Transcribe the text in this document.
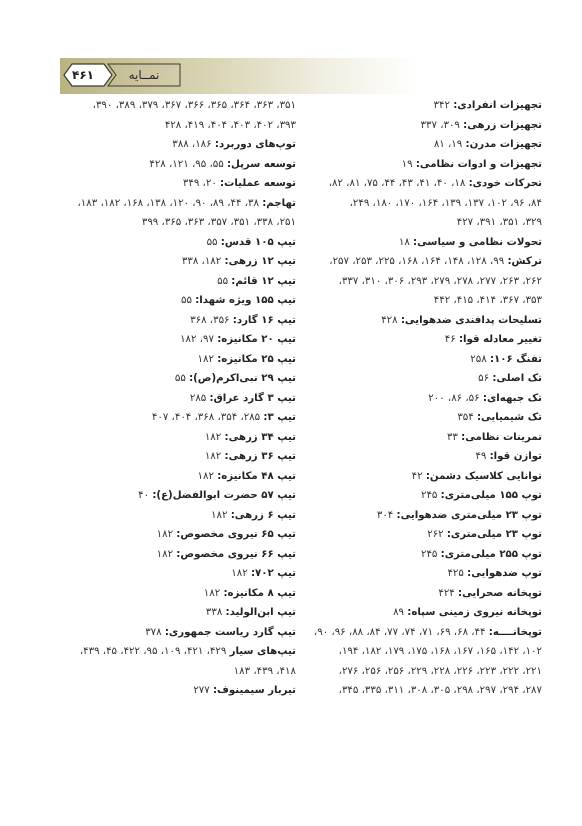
۴۶۱	نمــایه
تجهیزات انفرادی: ۳۴۲
تجهیزات زرهی: ۳۰۹، ۳۳۷
تجهیزات مدرن: ۱۹، ۸۱
تجهیزات و ادوات نظامی: ۱۹
تحرکات خودی: ۱۸، ۴۰، ۴۱، ۴۳، ۴۴، ۷۵، ۸۱، ۸۲،
۸۴، ۹۶، ۱۰۲، ۱۳۷، ۱۳۹، ۱۶۴، ۱۷۰، ۱۸۰، ۲۴۹،
۳۲۹، ۳۵۱، ۳۹۱، ۴۲۷
تحولات نظامی و سیاسی: ۱۸
ترکش: ۹۹، ۱۲۸، ۱۴۸، ۱۶۴، ۱۶۸، ۲۲۵، ۲۵۳، ۲۵۷،
۲۶۲، ۲۶۳، ۲۷۷، ۲۷۸، ۲۷۹، ۲۹۳، ۳۰۶، ۳۱۰، ۳۳۷،
۳۵۳، ۳۶۷، ۴۱۴، ۴۱۵، ۴۴۲
تسلیحات پدافندی ضدهوایی: ۴۲۸
تغییر معادله قوا: ۴۶
تفنگ ۱۰۶: ۲۵۸
تک اصلی: ۵۶
تک جبهه‌ای: ۵۶، ۸۶، ۲۰۰
تک شیمیایی: ۳۵۴
تمرینات نظامی: ۳۳
توازن قوا: ۴۹
توانایی کلاسیک دشمن: ۴۲
توپ ۱۵۵ میلی‌متری: ۲۴۵
توپ ۲۳ میلی‌متری ضدهوایی: ۳۰۴
توپ ۲۳ میلی‌متری: ۲۶۲
توپ ۲۵۵ میلی‌متری: ۲۴۵
توپ ضدهوایی: ۴۲۵
توپخانه صحرایی: ۴۲۴
توپخانه نیروی زمینی سپاه: ۸۹
توپخانــــه: ۴۴، ۶۸، ۶۹، ۷۱، ۷۴، ۷۷، ۸۴، ۸۸، ۹۶، ۹۰،
۱۰۲، ۱۴۲، ۱۶۵، ۱۶۷، ۱۶۸، ۱۷۵، ۱۷۹، ۱۸۲، ۱۹۴،
۲۲۱، ۲۲۲، ۲۲۳، ۲۲۶، ۲۲۸، ۲۲۹، ۲۵۶، ۲۵۶، ۲۷۶،
۲۸۷، ۲۹۴، ۲۹۷، ۲۹۸، ۳۰۵، ۳۰۸، ۳۱۱، ۳۳۵، ۳۴۵،
۳۵۱، ۳۶۳، ۳۶۴، ۳۶۵، ۳۶۶، ۳۶۷، ۳۷۹، ۳۸۹، ۳۹۰،
۳۹۳، ۴۰۲، ۴۰۳، ۴۰۴، ۴۱۹، ۴۲۸
توپ‌های دوربرد: ۱۸۶، ۳۸۸
توسعه سرپل: ۵۵، ۹۵، ۱۲۱، ۴۲۸
توسعه عملیات: ۲۰، ۳۴۹
تهاجم: ۳۸، ۴۴، ۸۹، ۹۰، ۱۲۰، ۱۳۸، ۱۶۸، ۱۸۲، ۱۸۳،
۲۵۱، ۳۳۸، ۳۵۱، ۳۵۷، ۳۶۳، ۳۶۵، ۳۹۹
تیپ ۱۰۵ قدس: ۵۵
تیپ ۱۲ زرهی: ۱۸۲، ۳۳۸
تیپ ۱۲ قائم: ۵۵
تیپ ۱۵۵ ویژه شهدا: ۵۵
تیپ ۱۶ گارد: ۳۵۶، ۳۶۸
تیپ ۲۰ مکانیزه: ۹۷، ۱۸۲
تیپ ۲۵ مکانیزه: ۱۸۲
تیپ ۲۹ نبی‌اکرم(ص): ۵۵
تیپ ۳ گارد عراق: ۲۸۵
تیپ ۳: ۲۸۵، ۳۵۴، ۳۶۸، ۴۰۴، ۴۰۷
تیپ ۳۴ زرهی: ۱۸۲
تیپ ۳۶ زرهی: ۱۸۲
تیپ ۴۸ مکانیزه: ۱۸۲
تیپ ۵۷ حضرت ابوالفضل(ع): ۴۰
تیپ ۶ زرهی: ۱۸۲
تیپ ۶۵ نیروی مخصوص: ۱۸۲
تیپ ۶۶ نیروی مخصوص: ۱۸۲
تیپ ۷۰۲: ۱۸۲
تیپ ۸ مکانیزه: ۱۸۲
تیپ ابن‌الولید: ۳۳۸
تیپ گارد ریاست جمهوری: ۳۷۸
تیپ‌های سیار ۴۲۹، ۴۲۱، ۱۰۹، ۹۵، ۴۲۲، ۴۵، ۴۳۹،
۴۱۸، ۴۳۹، ۱۸۳
تیربار سیمینوف: ۲۷۷
